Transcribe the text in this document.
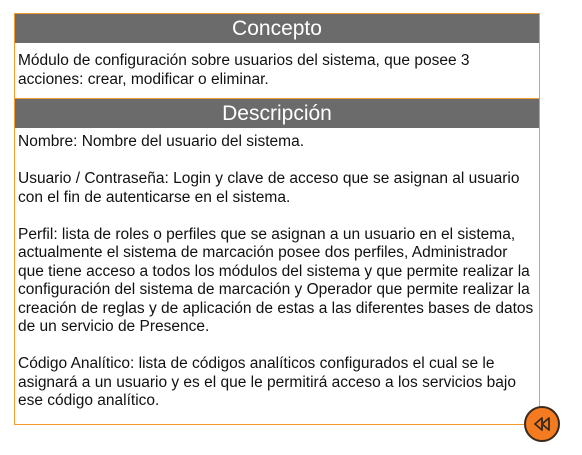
Concepto
Módulo de configuración sobre usuarios del sistema, que posee 3 acciones: crear, modificar o eliminar.
Descripción

Nombre: Nombre del usuario del sistema.

Usuario / Contraseña: Login y clave de acceso que se asignan al usuario con el fin de autenticarse en el sistema.

Perfil: lista de roles o perfiles que se asignan a un usuario en el sistema, actualmente el sistema de marcación posee dos perfiles, Administrador que tiene acceso a todos los módulos del sistema y que permite realizar la configuración del sistema de marcación y Operador que permite realizar la creación de reglas y de aplicación de estas a las diferentes bases de datos de un servicio de Presence.

Código Analítico: lista de códigos analíticos configurados el cual se le asignará a un usuario y es el que le permitirá acceso a los servicios bajo ese código analítico.
